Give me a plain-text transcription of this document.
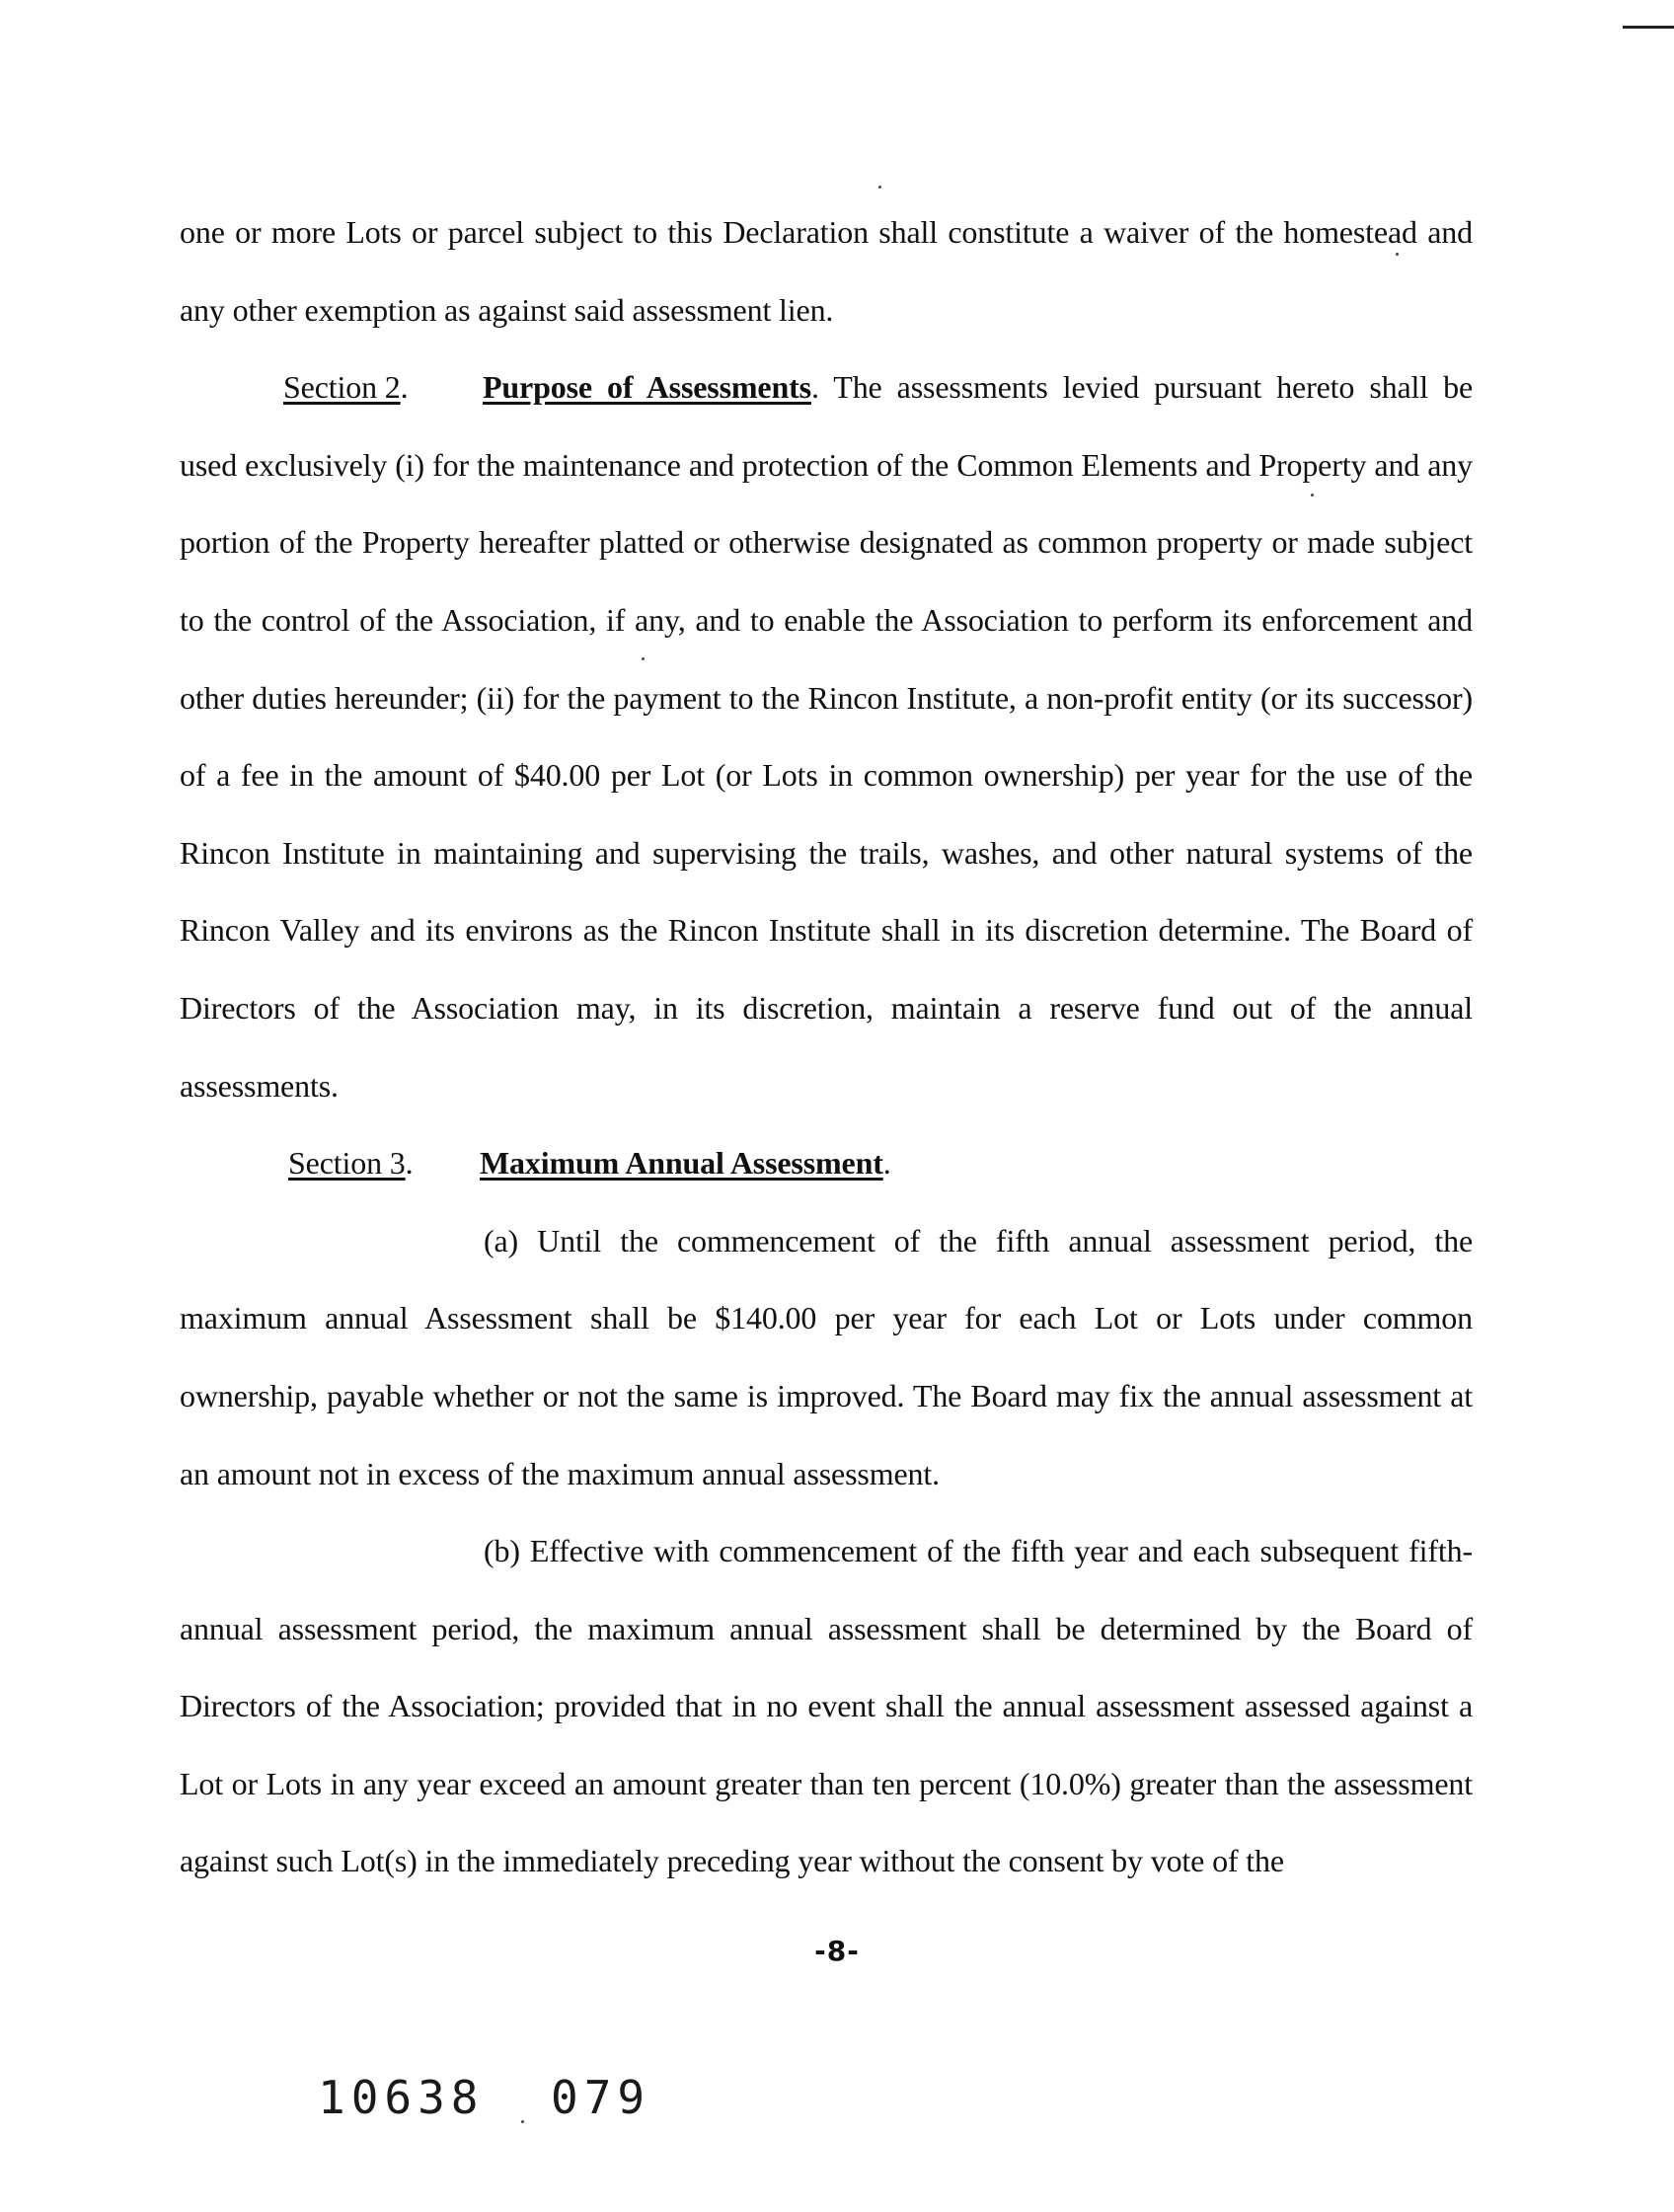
one or more Lots or parcel subject to this Declaration shall constitute a waiver of the homestead and any other exemption as against said assessment lien.

Section 2. Purpose of Assessments. The assessments levied pursuant hereto shall be used exclusively (i) for the maintenance and protection of the Common Elements and Property and any portion of the Property hereafter platted or otherwise designated as common property or made subject to the control of the Association, if any, and to enable the Association to perform its enforcement and other duties hereunder; (ii) for the payment to the Rincon Institute, a non-profit entity (or its successor) of a fee in the amount of $40.00 per Lot (or Lots in common ownership) per year for the use of the Rincon Institute in maintaining and supervising the trails, washes, and other natural systems of the Rincon Valley and its environs as the Rincon Institute shall in its discretion determine. The Board of Directors of the Association may, in its discretion, maintain a reserve fund out of the annual assessments.

Section 3. Maximum Annual Assessment.

(a) Until the commencement of the fifth annual assessment period, the maximum annual Assessment shall be $140.00 per year for each Lot or Lots under common ownership, payable whether or not the same is improved. The Board may fix the annual assessment at an amount not in excess of the maximum annual assessment.

(b) Effective with commencement of the fifth year and each subsequent fifth-annual assessment period, the maximum annual assessment shall be determined by the Board of Directors of the Association; provided that in no event shall the annual assessment assessed against a Lot or Lots in any year exceed an amount greater than ten percent (10.0%) greater than the assessment against such Lot(s) in the immediately preceding year without the consent by vote of the

-8-
10638 079
